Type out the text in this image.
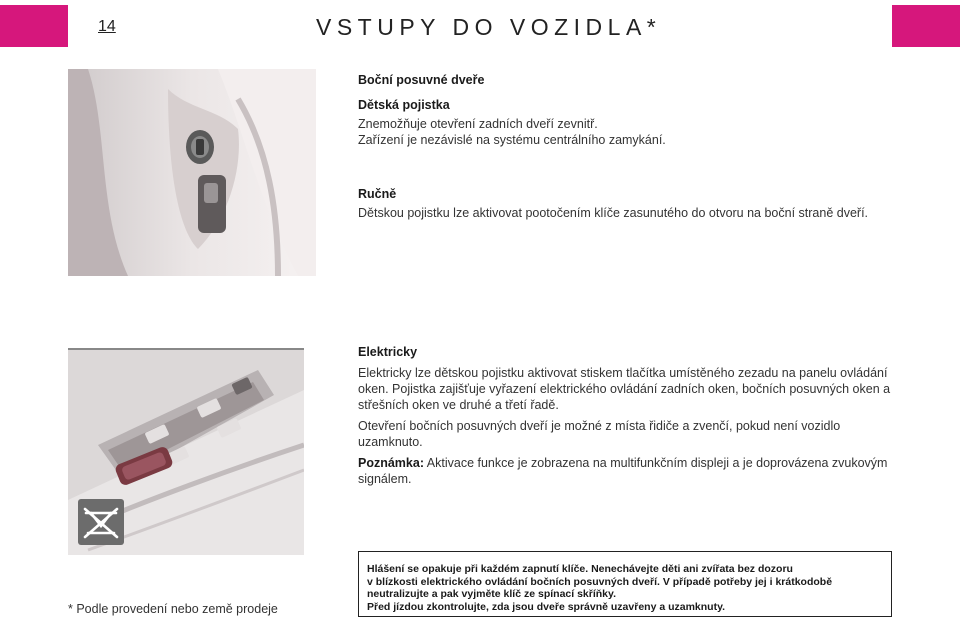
14	VSTUPY DO VOZIDLA*

Boční posuvné dveře

Dětská pojistka

Znemožňuje otevření zadních dveří zevnitř.

Zařízení je nezávislé na systému centrálního zamykání.

Ručně

Dětskou pojistku lze aktivovat pootočením klíče zasunutého do otvoru na boční straně dveří.

Elektricky

Elektricky lze dětskou pojistku aktivovat stiskem tlačítka umístěného zezadu na panelu ovládání oken. Pojistka zajišťuje vyřazení elektrického ovládání zadních oken, bočních posuvných oken a střešních oken ve druhé a třetí řadě.

Otevření bočních posuvných dveří je možné z místa řidiče a zvenčí, pokud není vozidlo uzamknuto.

Poznámka: Aktivace funkce je zobrazena na multifunkčním displeji a je doprovázena zvukovým signálem.

Hlášení se opakuje při každém zapnutí klíče. Nenechávejte děti ani zvířata bez dozoru

v blízkosti elektrického ovládání bočních posuvných dveří. V případě potřeby jej i krátkodobě

neutralizujte a pak vyjměte klíč ze spínací skříňky.

Před jízdou zkontrolujte, zda jsou dveře správně uzavřeny a uzamknuty.

* Podle provedení nebo země prodeje
